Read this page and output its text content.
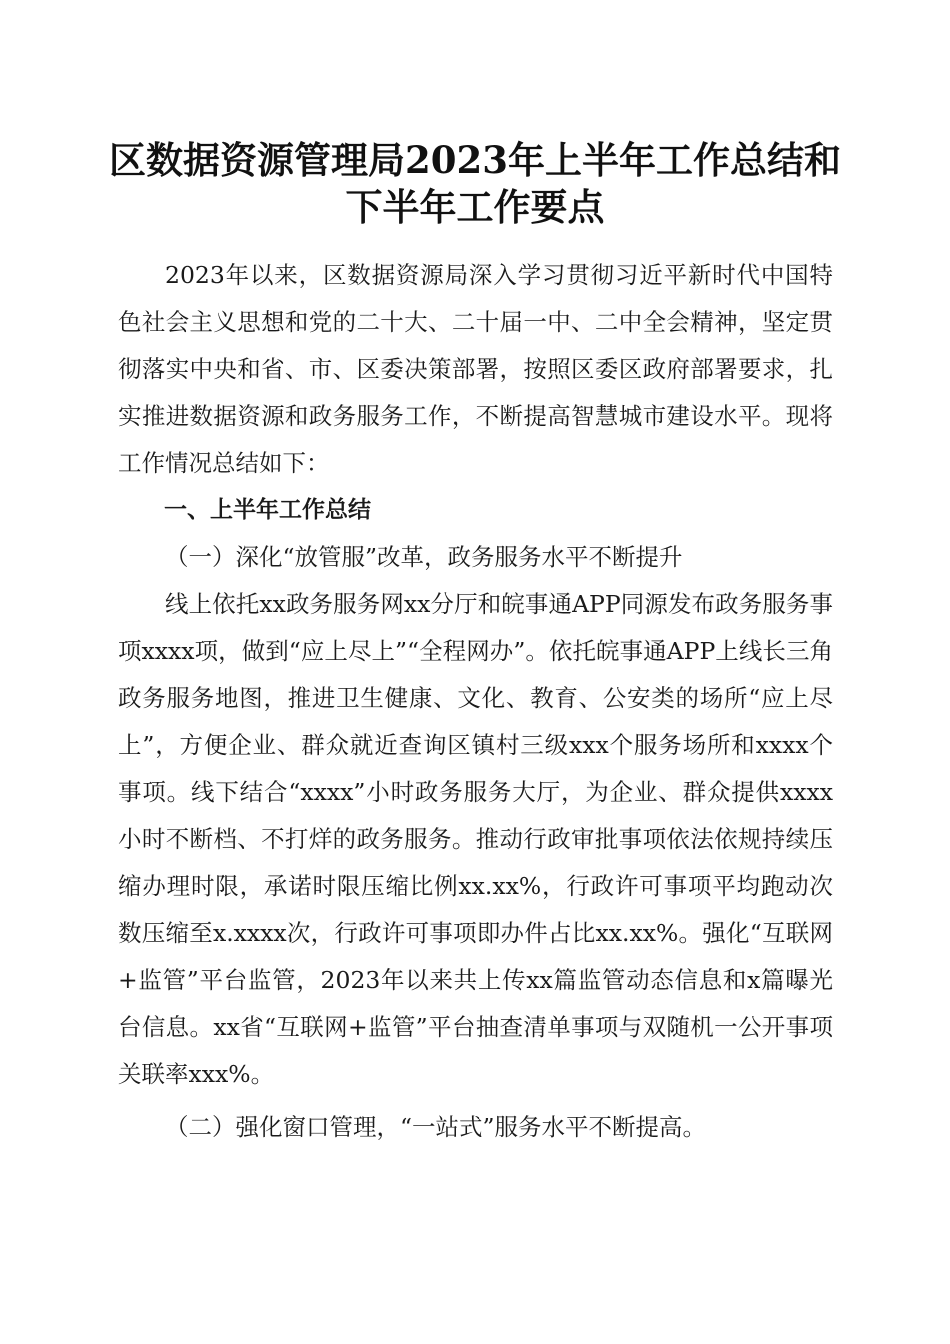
区数据资源管理局2023年上半年工作总结和
下半年工作要点

2023年以来，区数据资源局深入学习贯彻习近平新时代中国特色社会主义思想和党的二十大、二十届一中、二中全会精神，坚定贯彻落实中央和省、市、区委决策部署，按照区委区政府部署要求，扎实推进数据资源和政务服务工作，不断提高智慧城市建设水平。现将工作情况总结如下：

一、上半年工作总结

（一）深化“放管服”改革，政务服务水平不断提升

线上依托xx政务服务网xx分厅和皖事通APP同源发布政务服务事项xxxx项，做到“应上尽上”“全程网办”。依托皖事通APP上线长三角政务服务地图，推进卫生健康、文化、教育、公安类的场所“应上尽上”，方便企业、群众就近查询区镇村三级xxx个服务场所和xxxx个事项。线下结合“xxxx”小时政务服务大厅，为企业、群众提供xxxx小时不断档、不打烊的政务服务。推动行政审批事项依法依规持续压缩办理时限，承诺时限压缩比例xx.xx%，行政许可事项平均跑动次数压缩至x.xxxx次，行政许可事项即办件占比xx.xx%。强化“互联网+监管”平台监管，2023年以来共上传xx篇监管动态信息和x篇曝光台信息。xx省“互联网+监管”平台抽查清单事项与双随机一公开事项关联率xxx%。

（二）强化窗口管理，“一站式”服务水平不断提高。
